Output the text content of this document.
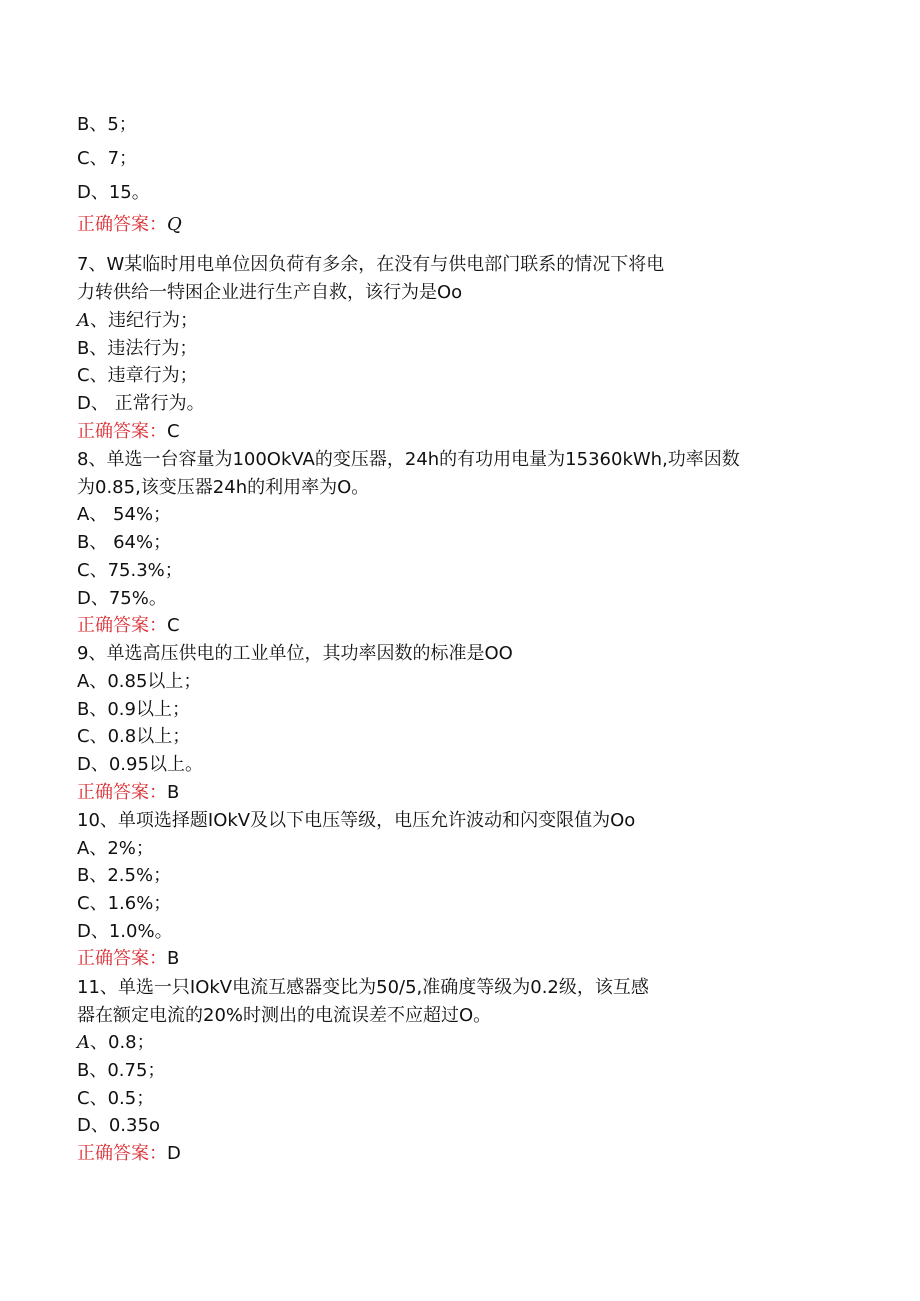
B、5；
C、7；
D、15。
正确答案：Q
7、W某临时用电单位因负荷有多余，在没有与供电部门联系的情况下将电
力转供给一特困企业进行生产自救，该行为是Oo
A、违纪行为；
B、违法行为；
C、违章行为；
D、 正常行为。
正确答案：C
8、单选一台容量为100OkVA的变压器，24h的有功用电量为15360kWh,功率因数
为0.85,该变压器24h的利用率为O。
A、 54%；
B、 64%；
C、75.3%；
D、75%。
正确答案：C
9、单选高压供电的工业单位，其功率因数的标准是OO
A、0.85以上；
B、0.9以上；
C、0.8以上；
D、0.95以上。
正确答案：B
10、单项选择题IOkV及以下电压等级，电压允许波动和闪变限值为Oo
A、2%；
B、2.5%；
C、1.6%；
D、1.0%。
正确答案：B
11、单选一只IOkV电流互感器变比为50/5,准确度等级为0.2级，该互感
器在额定电流的20%时测出的电流误差不应超过O。
A、0.8；
B、0.75；
C、0.5；
D、0.35o
正确答案：D
